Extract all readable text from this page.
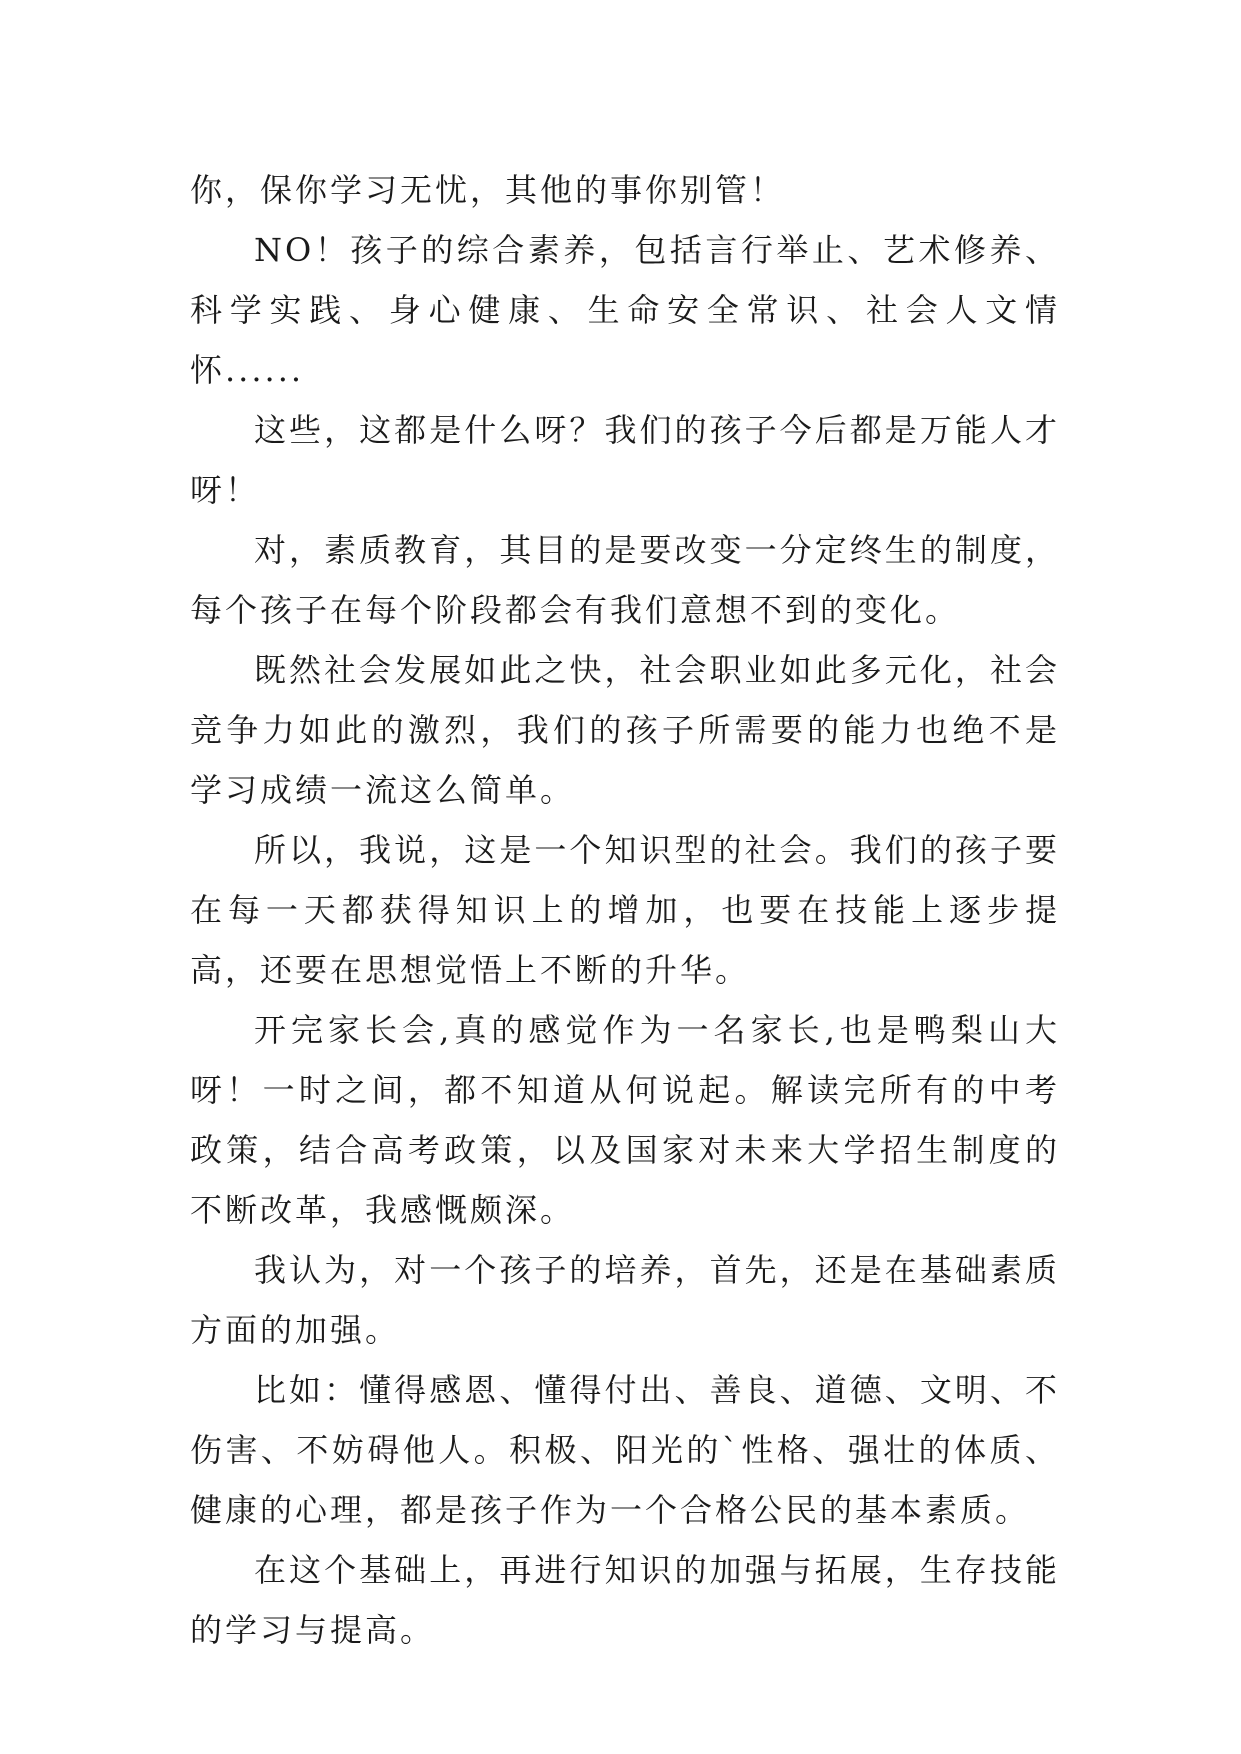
你，保你学习无忧，其他的事你别管！

NO！孩子的综合素养，包括言行举止、艺术修养、科学实践、身心健康、生命安全常识、社会人文情怀......

这些，这都是什么呀？我们的孩子今后都是万能人才呀！

对，素质教育，其目的是要改变一分定终生的制度，每个孩子在每个阶段都会有我们意想不到的变化。

既然社会发展如此之快，社会职业如此多元化，社会竞争力如此的激烈，我们的孩子所需要的能力也绝不是学习成绩一流这么简单。

所以，我说，这是一个知识型的社会。我们的孩子要在每一天都获得知识上的增加，也要在技能上逐步提高，还要在思想觉悟上不断的升华。

开完家长会,真的感觉作为一名家长,也是鸭梨山大呀！一时之间，都不知道从何说起。解读完所有的中考政策，结合高考政策，以及国家对未来大学招生制度的不断改革，我感慨颇深。

我认为，对一个孩子的培养，首先，还是在基础素质方面的加强。

比如：懂得感恩、懂得付出、善良、道德、文明、不伤害、不妨碍他人。积极、阳光的`性格、强壮的体质、健康的心理，都是孩子作为一个合格公民的基本素质。

在这个基础上，再进行知识的加强与拓展，生存技能的学习与提高。
